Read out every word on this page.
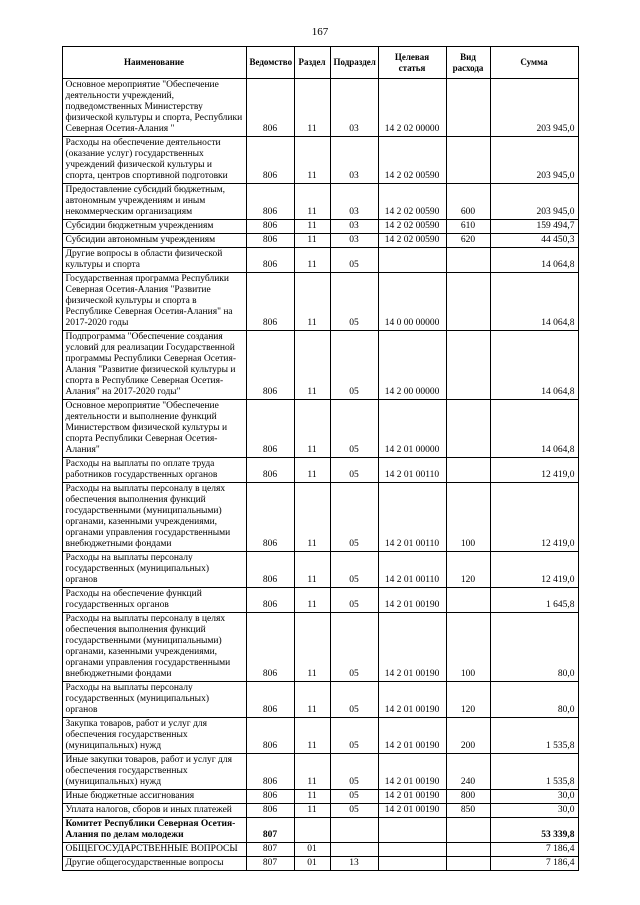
167
Наименование	Ведомство	Раздел	Подраздел	Целевая статья	Вид расхода	Сумма
Основное мероприятие "Обеспечение деятельности учреждений, подведомственных Министерству физической культуры и спорта, Республики Северная Осетия-Алания "	806	11	03	14 2 02 00000		203 945,0
Расходы на обеспечение деятельности (оказание услуг) государственных учреждений физической культуры и спорта, центров спортивной подготовки	806	11	03	14 2 02 00590		203 945,0
Предоставление субсидий бюджетным, автономным учреждениям и иным некоммерческим организациям	806	11	03	14 2 02 00590	600	203 945,0
Субсидии бюджетным учреждениям	806	11	03	14 2 02 00590	610	159 494,7
Субсидии автономным учреждениям	806	11	03	14 2 02 00590	620	44 450,3
Другие вопросы в области физической культуры и спорта	806	11	05			14 064,8
Государственная программа Республики Северная Осетия-Алания "Развитие физической культуры и спорта в Республике Северная Осетия-Алания" на 2017-2020 годы	806	11	05	14 0 00 00000		14 064,8
Подпрограмма "Обеспечение создания условий для реализации Государственной программы Республики Северная Осетия-Алания "Развитие физической культуры и спорта в Республике Северная Осетия-Алания" на 2017-2020 годы"	806	11	05	14 2 00 00000		14 064,8
Основное мероприятие "Обеспечение деятельности и выполнение функций Министерством физической культуры и спорта Республики Северная Осетия-Алания"	806	11	05	14 2 01 00000		14 064,8
Расходы на выплаты по оплате труда работников государственных органов	806	11	05	14 2 01 00110		12 419,0
Расходы на выплаты персоналу в целях обеспечения выполнения функций государственными (муниципальными) органами, казенными учреждениями, органами управления государственными внебюджетными фондами	806	11	05	14 2 01 00110	100	12 419,0
Расходы на выплаты персоналу государственных (муниципальных) органов	806	11	05	14 2 01 00110	120	12 419,0
Расходы на обеспечение функций государственных органов	806	11	05	14 2 01 00190		1 645,8
Расходы на выплаты персоналу в целях обеспечения выполнения функций государственными (муниципальными) органами, казенными учреждениями, органами управления государственными внебюджетными фондами	806	11	05	14 2 01 00190	100	80,0
Расходы на выплаты персоналу государственных (муниципальных) органов	806	11	05	14 2 01 00190	120	80,0
Закупка товаров, работ и услуг для обеспечения государственных (муниципальных) нужд	806	11	05	14 2 01 00190	200	1 535,8
Иные закупки товаров, работ и услуг для обеспечения государственных (муниципальных) нужд	806	11	05	14 2 01 00190	240	1 535,8
Иные бюджетные ассигнования	806	11	05	14 2 01 00190	800	30,0
Уплата налогов, сборов и иных платежей	806	11	05	14 2 01 00190	850	30,0
Комитет Республики Северная Осетия-Алания по делам молодежи	807					53 339,8
ОБЩЕГОСУДАРСТВЕННЫЕ ВОПРОСЫ	807	01				7 186,4
Другие общегосударственные вопросы	807	01	13			7 186,4
